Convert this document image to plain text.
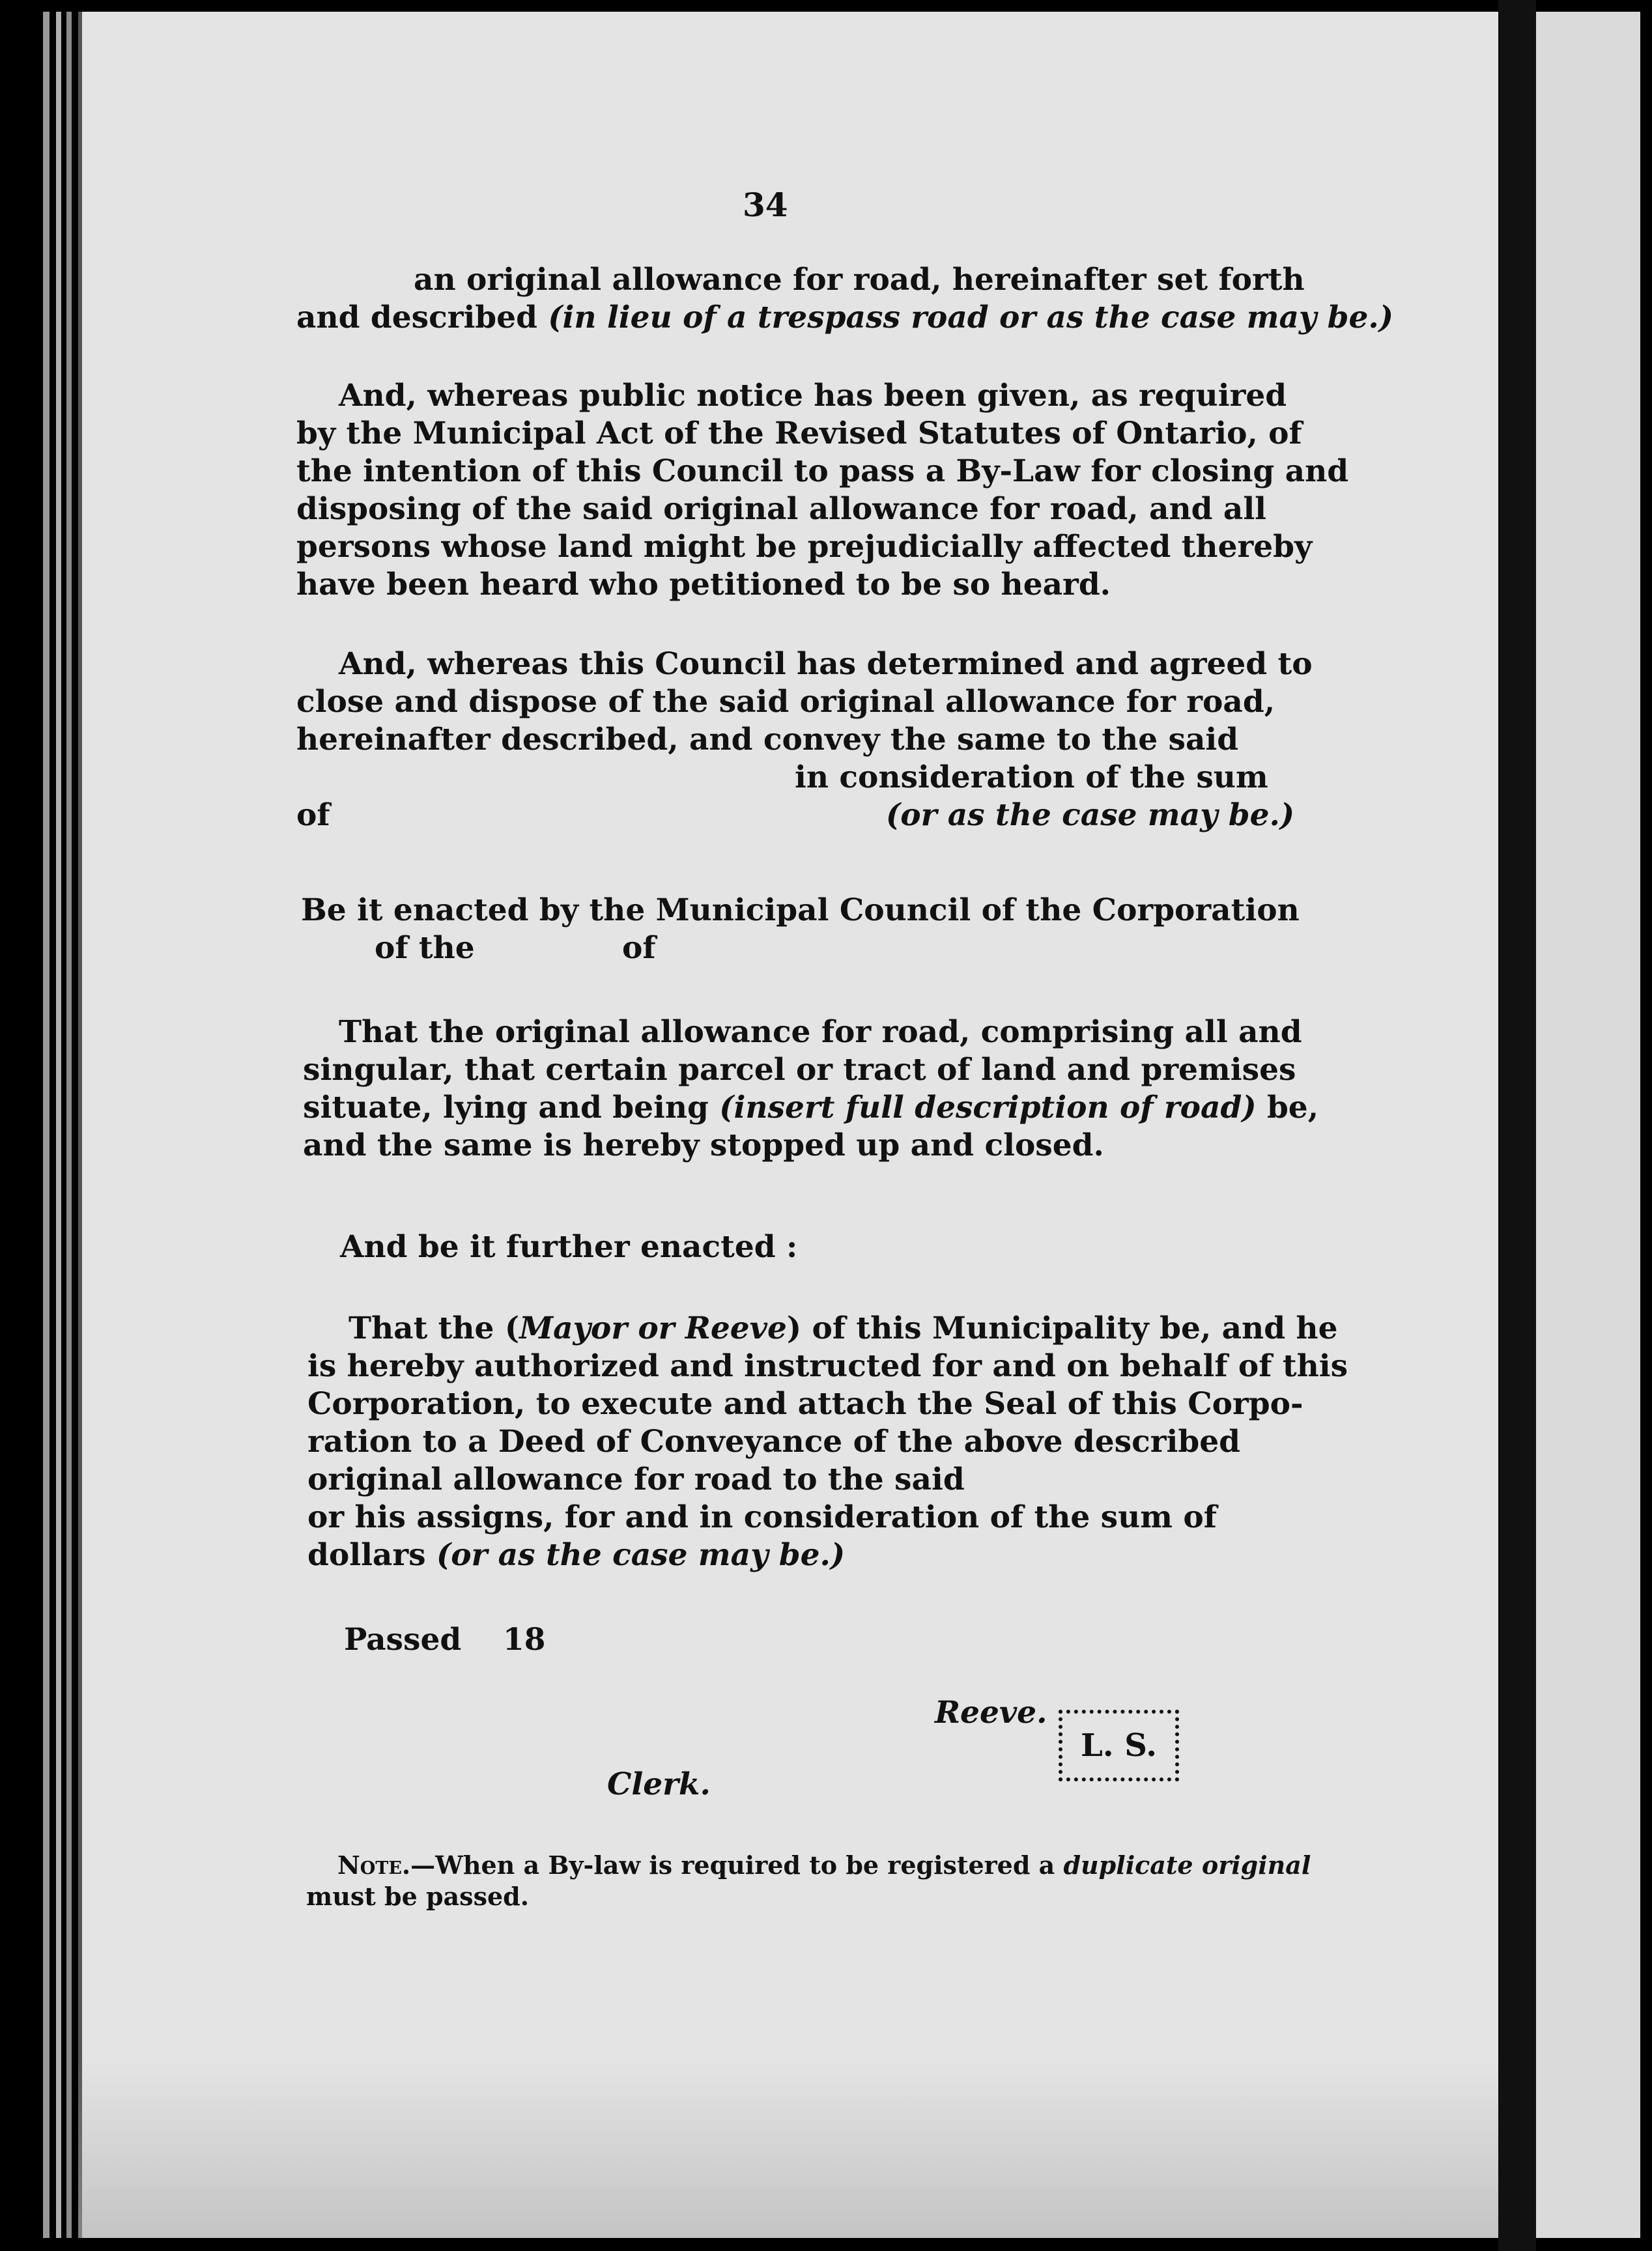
34
an original allowance for road, hereinafter set forth
and described (in lieu of a trespass road or as the case may be.)
And, whereas public notice has been given, as required
by the Municipal Act of the Revised Statutes of Ontario, of
the intention of this Council to pass a By-Law for closing and
disposing of the said original allowance for road, and all
persons whose land might be prejudicially affected thereby
have been heard who petitioned to be so heard.
And, whereas this Council has determined and agreed to
close and dispose of the said original allowance for road,
hereinafter described, and convey the same to the said
in consideration of the sum
of	(or as the case may be.)
Be it enacted by the Municipal Council of the Corporation
of the	of
That the original allowance for road, comprising all and
singular, that certain parcel or tract of land and premises
situate, lying and being (insert full description of road) be,
and the same is hereby stopped up and closed.
And be it further enacted :
That the (Mayor or Reeve) of this Municipality be, and he
is hereby authorized and instructed for and on behalf of this
Corporation, to execute and attach the Seal of this Corpo-
ration to a Deed of Conveyance of the above described
original allowance for road to the said
or his assigns, for and in consideration of the sum of
dollars (or as the case may be.)
Passed 18
Reeve.
L. S.
Clerk.
Note.—When a By-law is required to be registered a duplicate original
must be passed.
